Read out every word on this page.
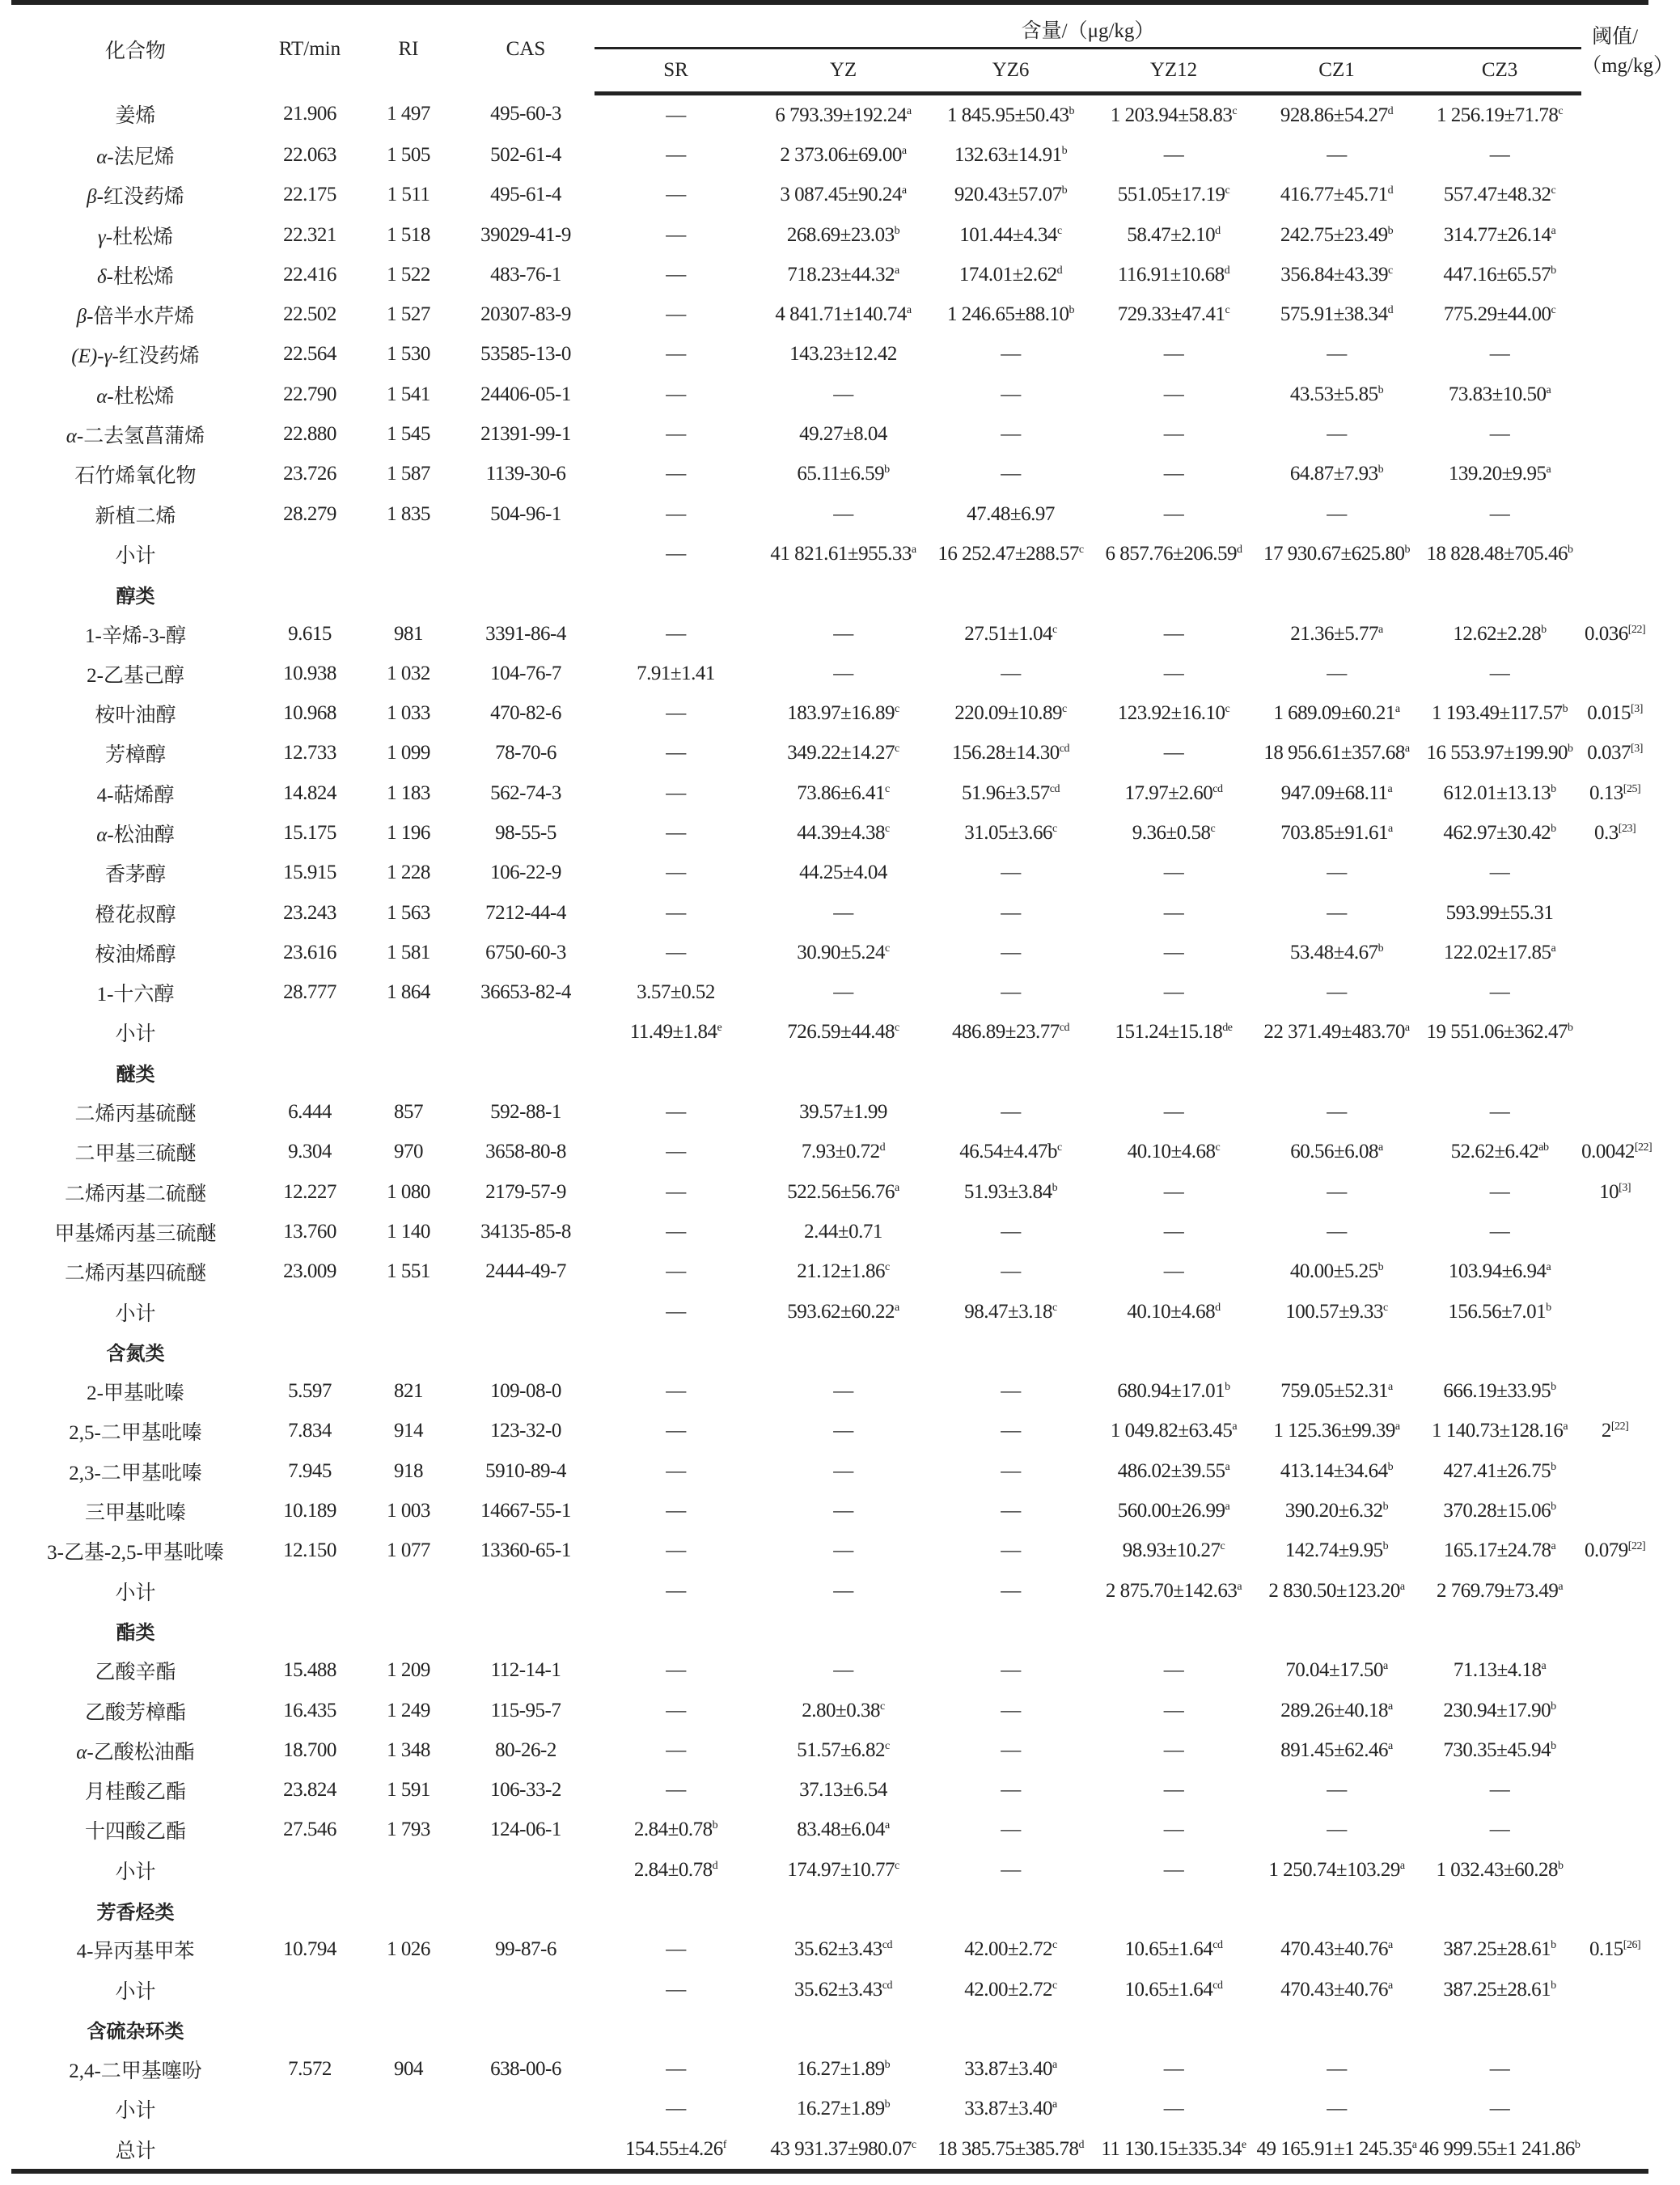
化合物	RT/min	RI	CAS	含量/（μg/kg）						阈值/
（mg/kg）

				SR	YZ	YZ6	YZ12	CZ1	CZ3	
姜烯	21.906	1 497	495-60-3	—	6 793.39±192.24$^a$	1 845.95±50.43$^b$	1 203.94±58.83$^c$	928.86±54.27$^d$	1 256.19±71.78$^c$	
α-法尼烯	22.063	1 505	502-61-4	—	2 373.06±69.00$^a$	132.63±14.91$^b$	—	—	—	
β-红没药烯	22.175	1 511	495-61-4	—	3 087.45±90.24$^a$	920.43±57.07$^b$	551.05±17.19$^c$	416.77±45.71$^d$	557.47±48.32$^c$	
γ-杜松烯	22.321	1 518	39029-41-9	—	268.69±23.03$^b$	101.44±4.34$^c$	58.47±2.10$^d$	242.75±23.49$^b$	314.77±26.14$^a$	
δ-杜松烯	22.416	1 522	483-76-1	—	718.23±44.32$^a$	174.01±2.62$^d$	116.91±10.68$^d$	356.84±43.39$^c$	447.16±65.57$^b$	
β-倍半水芹烯	22.502	1 527	20307-83-9	—	4 841.71±140.74$^a$	1 246.65±88.10$^b$	729.33±47.41$^c$	575.91±38.34$^d$	775.29±44.00$^c$	
(E)-γ-红没药烯	22.564	1 530	53585-13-0	—	143.23±12.42	—	—	—	—	
α-杜松烯	22.790	1 541	24406-05-1	—	—	—	—	43.53±5.85$^b$	73.83±10.50$^a$	
α-二去氢菖蒲烯	22.880	1 545	21391-99-1	—	49.27±8.04	—	—	—	—	
石竹烯氧化物	23.726	1 587	1139-30-6	—	65.11±6.59$^b$	—	—	64.87±7.93$^b$	139.20±9.95$^a$	
新植二烯	28.279	1 835	504-96-1	—	—	47.48±6.97	—	—	—	
小计				—	41 821.61±955.33$^a$	16 252.47±288.57$^c$	6 857.76±206.59$^d$	17 930.67±625.80$^b$	18 828.48±705.46$^b$	
醇类										
1-辛烯-3-醇	9.615	981	3391-86-4	—	—	27.51±1.04$^c$	—	21.36±5.77$^a$	12.62±2.28$^b$	0.036[22]
2-乙基己醇	10.938	1 032	104-76-7	7.91±1.41	—	—	—	—	—	
桉叶油醇	10.968	1 033	470-82-6	—	183.97±16.89$^c$	220.09±10.89$^c$	123.92±16.10$^c$	1 689.09±60.21$^a$	1 193.49±117.57$^b$	0.015[3]
芳樟醇	12.733	1 099	78-70-6	—	349.22±14.27$^c$	156.28±14.30$^{cd}$	—	18 956.61±357.68$^a$	16 553.97±199.90$^b$	0.037[3]
4-萜烯醇	14.824	1 183	562-74-3	—	73.86±6.41$^c$	51.96±3.57$^{cd}$	17.97±2.60$^{cd}$	947.09±68.11$^a$	612.01±13.13$^b$	0.13[25]
α-松油醇	15.175	1 196	98-55-5	—	44.39±4.38$^c$	31.05±3.66$^c$	9.36±0.58$^c$	703.85±91.61$^a$	462.97±30.42$^b$	0.3[23]
香茅醇	15.915	1 228	106-22-9	—	44.25±4.04	—	—	—	—	
橙花叔醇	23.243	1 563	7212-44-4	—	—	—	—	—	593.99±55.31	
桉油烯醇	23.616	1 581	6750-60-3	—	30.90±5.24$^c$	—	—	53.48±4.67$^b$	122.02±17.85$^a$	
1-十六醇	28.777	1 864	36653-82-4	3.57±0.52	—	—	—	—	—	
小计				11.49±1.84$^e$	726.59±44.48$^c$	486.89±23.77$^{cd}$	151.24±15.18de	22 371.49±483.70$^a$	19 551.06±362.47$^b$	
醚类										
二烯丙基硫醚	6.444	857	592-88-1	—	39.57±1.99	—	—	—	—	
二甲基三硫醚	9.304	970	3658-80-8	—	7.93±0.72$^d$	$46.54\pm 4.47b^c$	40.10±4.68$^c$	60.56±6.08$^a$	52.62±6.42$^{ab}$	0.0042[22]
二烯丙基二硫醚	12.227	1 080	2179-57-9	—	522.56±56.76$^a$	51.93±3.84$^b$	—	—	—	10[3]
甲基烯丙基三硫醚	13.760	1 140	34135-85-8	—	2.44±0.71	—	—	—	—	
二烯丙基四硫醚	23.009	1 551	2444-49-7	—	21.12±1.86$^c$	—	—	40.00±5.25$^b$	103.94±6.94$^a$	
小计				—	593.62±60.22$^a$	98.47±3.18$^c$	40.10±4.68$^d$	100.57±9.33$^c$	156.56±7.01$^b$	
含氮类										
2-甲基吡嗪	5.597	821	109-08-0	—	—	—	680.94±17.01$^b$	759.05±52.31$^a$	666.19±33.95$^b$	
2,5-二甲基吡嗪	7.834	914	123-32-0	—	—	—	1 049.82±63.45$^a$	1 125.36±99.39$^a$	1 140.73±128.16$^a$	2[22]
2,3-二甲基吡嗪	7.945	918	5910-89-4	—	—	—	486.02±39.55$^a$	413.14±34.64$^b$	427.41±26.75$^b$	
三甲基吡嗪	10.189	1 003	14667-55-1	—	—	—	560.00±26.99$^a$	390.20±6.32$^b$	370.28±15.06$^b$	
3-乙基-2,5-甲基吡嗪	12.150	1 077	13360-65-1	—	—	—	98.93±10.27$^c$	142.74±9.95$^b$	165.17±24.78$^a$	0.079[22]
小计				—	—	—	2 875.70±142.63$^a$	2 830.50±123.20$^a$	2 769.79±73.49$^a$	
酯类										
乙酸辛酯	15.488	1 209	112-14-1	—	—	—	—	70.04±17.50$^a$	71.13±4.18$^a$	
乙酸芳樟酯	16.435	1 249	115-95-7	—	2.80±0.38$^c$	—	—	289.26±40.18$^a$	230.94±17.90$^b$	
α-乙酸松油酯	18.700	1 348	80-26-2	—	51.57±6.82$^c$	—	—	891.45±62.46$^a$	730.35±45.94$^b$	
月桂酸乙酯	23.824	1 591	106-33-2	—	37.13±6.54	—	—	—	—	
十四酸乙酯	27.546	1 793	124-06-1	2.84±0.78$^b$	83.48±6.04$^a$	—	—	—	—	
小计				2.84±0.78$^d$	174.97±10.77$^c$	—	—	1 250.74±103.29$^a$	1 032.43±60.28$^b$	
芳香烃类										
4-异丙基甲苯	10.794	1 026	99-87-6	—	35.62±3.43$^{cd}$	42.00±2.72$^c$	10.65±1.64$^{cd}$	470.43±40.76$^a$	387.25±28.61$^b$	0.15[26]
小计				—	35.62±3.43$^{cd}$	42.00±2.72$^c$	10.65±1.64$^{cd}$	470.43±40.76$^a$	387.25±28.61$^b$	
含硫杂环类										
2,4-二甲基噻吩	7.572	904	638-00-6	—	16.27±1.89$^b$	33.87±3.40$^a$	—	—	—	
小计				—	16.27±1.89$^b$	33.87±3.40$^a$	—	—	—	
总计				154.55±4.26$^f$	43 931.37±980.07$^c$	18 385.75±385.78$^d$	11 130.15±335.34$^e$	49 165.91±1 245.35$^a$	46 999.55±1 241.86$^b$	
